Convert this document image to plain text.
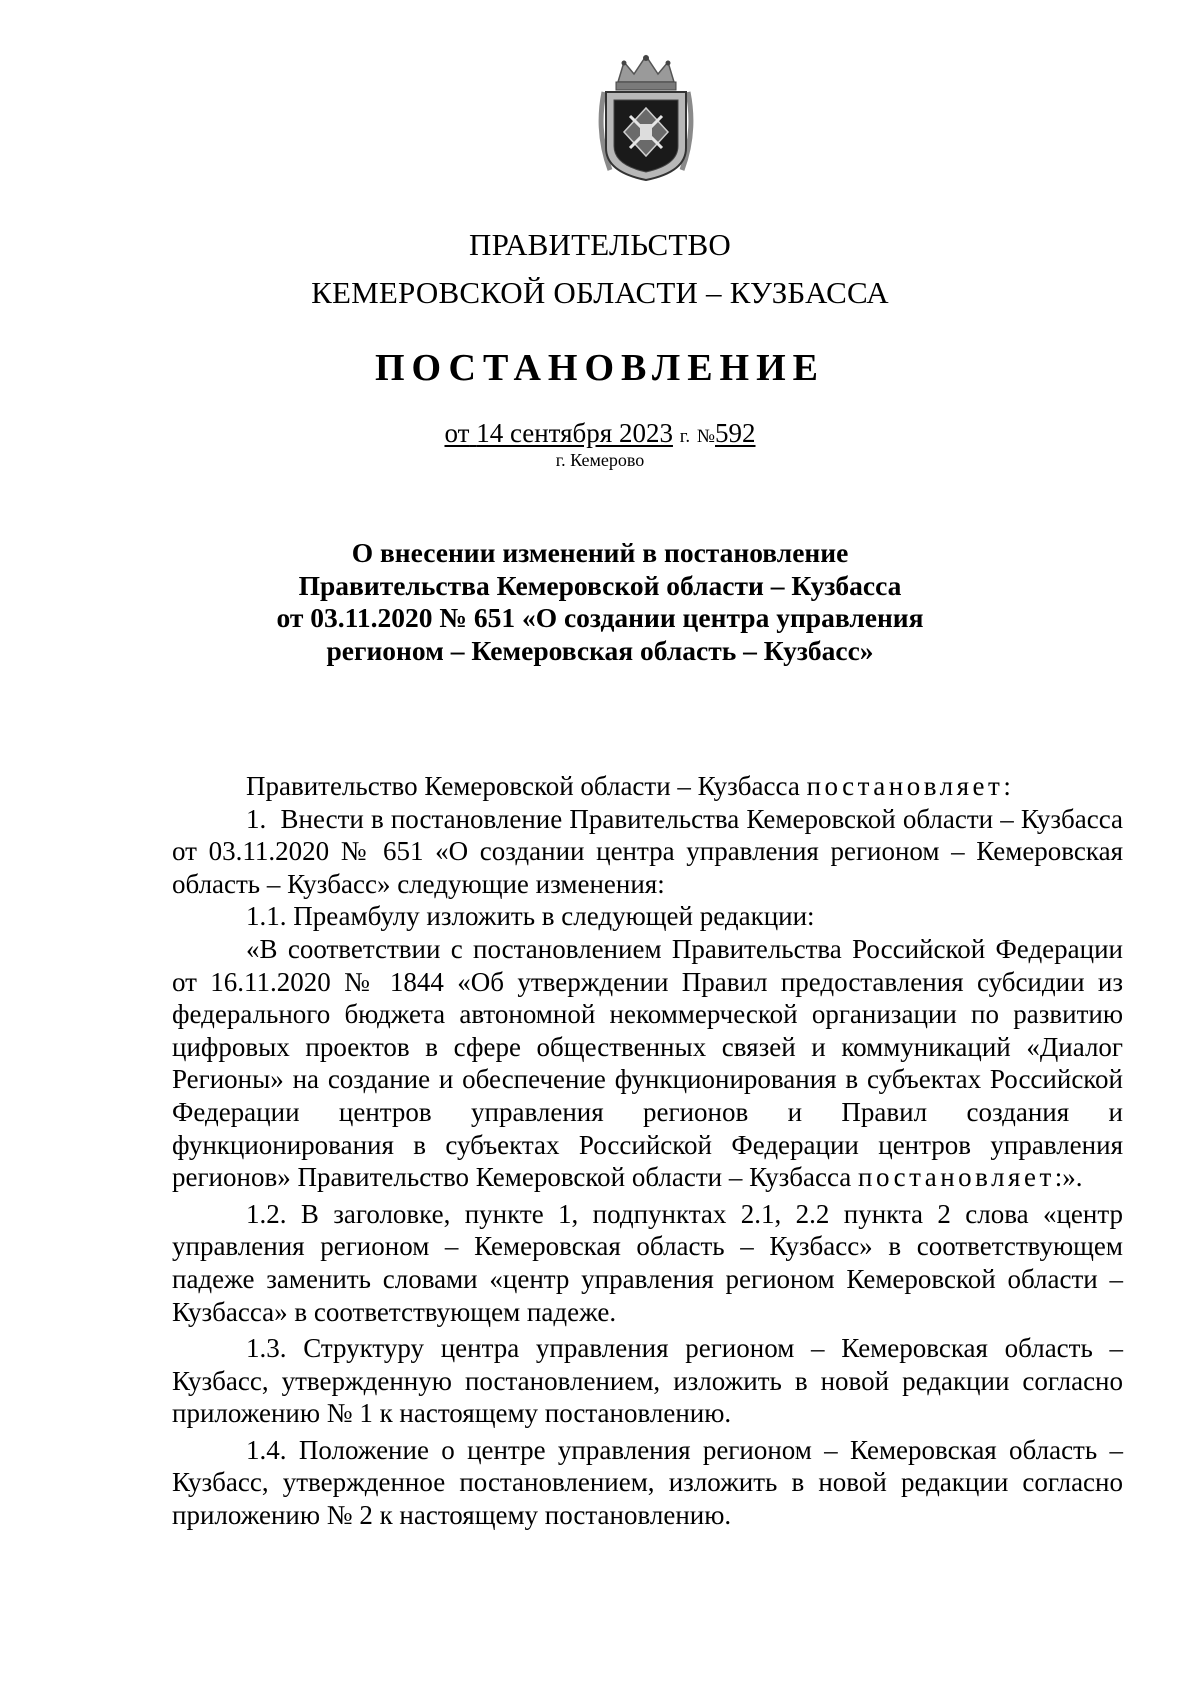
ПРАВИТЕЛЬСТВО
КЕМЕРОВСКОЙ ОБЛАСТИ – КУЗБАССА
ПОСТАНОВЛЕНИЕ
от 14 сентября 2023 г. №592
г. Кемерово
О внесении изменений в постановление
Правительства Кемеровской области – Кузбасса
от 03.11.2020 № 651 «О создании центра управления
регионом – Кемеровская область – Кузбасс»

Правительство Кемеровской области – Кузбасса постановляет:

1.  Внести в постановление Правительства Кемеровской области – Кузбасса от 03.11.2020 № 651 «О создании центра управления регионом – Кемеровская область – Кузбасс» следующие изменения:

1.1. Преамбулу изложить в следующей редакции:

«В соответствии с постановлением Правительства Российской Федерации от 16.11.2020 № 1844 «Об утверждении Правил предоставления субсидии из федерального бюджета автономной некоммерческой организации по развитию цифровых проектов в сфере общественных связей и коммуникаций «Диалог Регионы» на создание и обеспечение функционирования в субъектах Российской Федерации центров управления регионов и Правил создания и функционирования в субъектах Российской Федерации центров управления регионов» Правительство Кемеровской области – Кузбасса постановляет:».

1.2. В заголовке, пункте 1, подпунктах 2.1, 2.2 пункта 2 слова «центр управления регионом – Кемеровская область – Кузбасс» в соответствующем падеже заменить словами «центр управления регионом Кемеровской области – Кузбасса» в соответствующем падеже.

1.3. Структуру центра управления регионом – Кемеровская область – Кузбасс, утвержденную постановлением, изложить в новой редакции согласно приложению № 1 к настоящему постановлению.

1.4. Положение о центре управления регионом – Кемеровская область – Кузбасс, утвержденное постановлением, изложить в новой редакции согласно приложению № 2 к настоящему постановлению.
